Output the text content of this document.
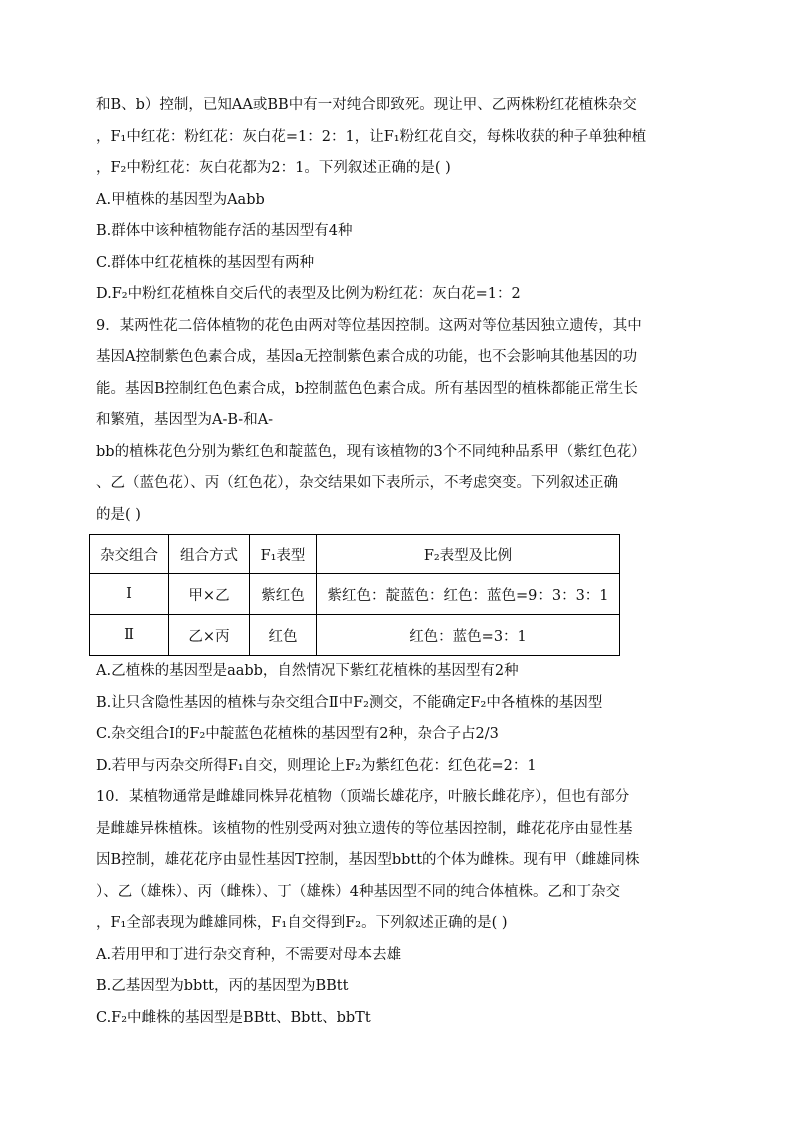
和B、b）控制，已知AA或BB中有一对纯合即致死。现让甲、乙两株粉红花植株杂交
，F₁中红花：粉红花：灰白花=1：2：1，让F₁粉红花自交，每株收获的种子单独种植
，F₂中粉红花：灰白花都为2：1。下列叙述正确的是( )
A.甲植株的基因型为Aabb
B.群体中该种植物能存活的基因型有4种
C.群体中红花植株的基因型有两种
D.F₂中粉红花植株自交后代的表型及比例为粉红花：灰白花=1：2
9．某两性花二倍体植物的花色由两对等位基因控制。这两对等位基因独立遗传，其中
基因A控制紫色色素合成，基因a无控制紫色素合成的功能，也不会影响其他基因的功
能。基因B控制红色色素合成，b控制蓝色色素合成。所有基因型的植株都能正常生长
和繁殖，基因型为A-B-和A-
bb的植株花色分别为紫红色和靛蓝色，现有该植物的3个不同纯种品系甲（紫红色花）
、乙（蓝色花）、丙（红色花），杂交结果如下表所示，不考虑突变。下列叙述正确
的是( )
杂交组合	组合方式	F₁表型	F₂表型及比例
Ⅰ	甲×乙	紫红色	紫红色：靛蓝色：红色：蓝色=9：3：3：1
Ⅱ	乙×丙	红色	红色：蓝色=3：1
A.乙植株的基因型是aabb，自然情况下紫红花植株的基因型有2种
B.让只含隐性基因的植株与杂交组合Ⅱ中F₂测交，不能确定F₂中各植株的基因型
C.杂交组合Ⅰ的F₂中靛蓝色花植株的基因型有2种，杂合子占2/3
D.若甲与丙杂交所得F₁自交，则理论上F₂为紫红色花：红色花=2：1
10．某植物通常是雌雄同株异花植物（顶端长雄花序，叶腋长雌花序），但也有部分
是雌雄异株植株。该植物的性别受两对独立遗传的等位基因控制，雌花花序由显性基
因B控制，雄花花序由显性基因T控制，基因型bbtt的个体为雌株。现有甲（雌雄同株
）、乙（雄株）、丙（雌株）、丁（雄株）4种基因型不同的纯合体植株。乙和丁杂交
，F₁全部表现为雌雄同株，F₁自交得到F₂。下列叙述正确的是( )
A.若用甲和丁进行杂交育种，不需要对母本去雄
B.乙基因型为bbtt，丙的基因型为BBtt
C.F₂中雌株的基因型是BBtt、Bbtt、bbTt
